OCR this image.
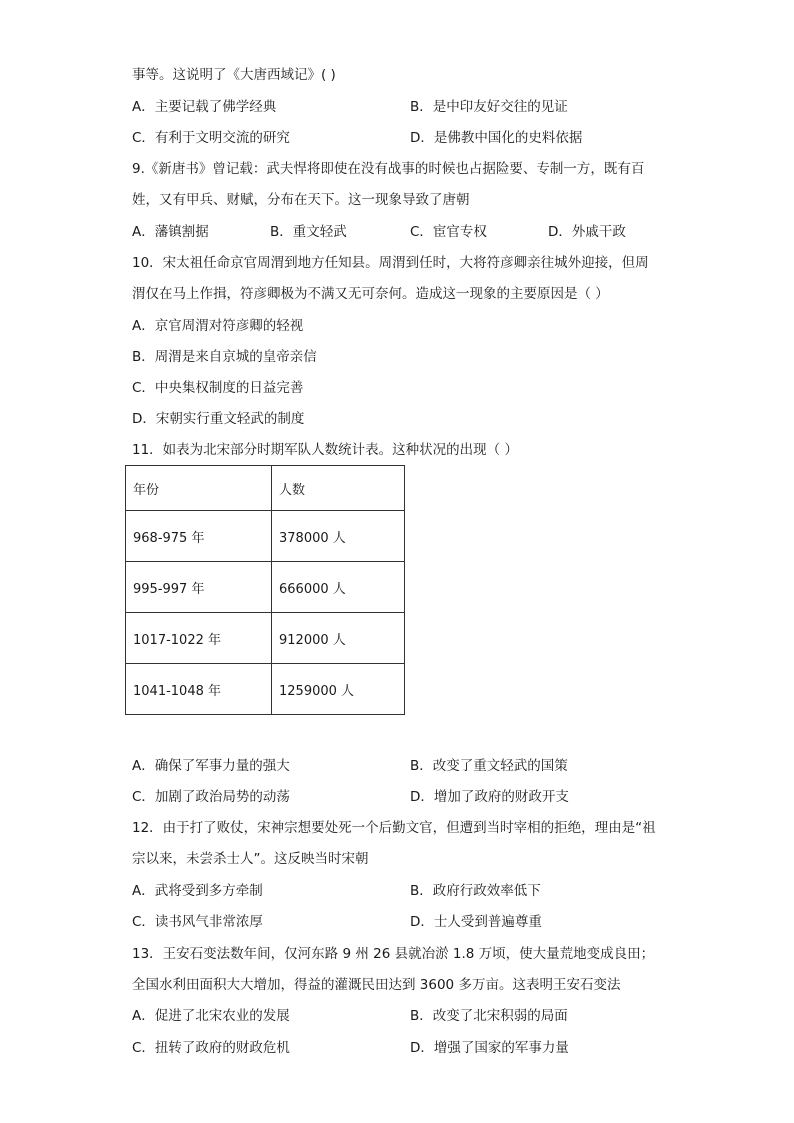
事等。这说明了《大唐西域记》( )
A．主要记载了佛学经典	B．是中印友好交往的见证
C．有利于文明交流的研究	D．是佛教中国化的史料依据
9.《新唐书》曾记载：武夫悍将即使在没有战事的时候也占据险要、专制一方，既有百
姓，又有甲兵、财赋，分布在天下。这一现象导致了唐朝
A．藩镇割据	B．重文轻武	C．宦官专权	D．外戚干政
10．宋太祖任命京官周渭到地方任知县。周渭到任时，大将符彦卿亲往城外迎接，但周
渭仅在马上作揖，符彦卿极为不满又无可奈何。造成这一现象的主要原因是（ ）
A．京官周渭对符彦卿的轻视
B．周渭是来自京城的皇帝亲信
C．中央集权制度的日益完善
D．宋朝实行重文轻武的制度
11．如表为北宋部分时期军队人数统计表。这种状况的出现（ ）
年份	人数
968-975 年	378000 人
995-997 年	666000 人
1017-1022 年	912000 人
1041-1048 年	1259000 人
A．确保了军事力量的强大	B．改变了重文轻武的国策
C．加剧了政治局势的动荡	D．增加了政府的财政开支
12．由于打了败仗，宋神宗想要处死一个后勤文官，但遭到当时宰相的拒绝，理由是“祖
宗以来，未尝杀士人”。这反映当时宋朝
A．武将受到多方牵制	B．政府行政效率低下
C．读书风气非常浓厚	D．士人受到普遍尊重
13．王安石变法数年间，仅河东路 9 州 26 县就冶淤 1.8 万顷，使大量荒地变成良田；
全国水利田面积大大增加，得益的灌溉民田达到 3600 多万亩。这表明王安石变法
A．促进了北宋农业的发展	B．改变了北宋积弱的局面
C．扭转了政府的财政危机	D．增强了国家的军事力量
